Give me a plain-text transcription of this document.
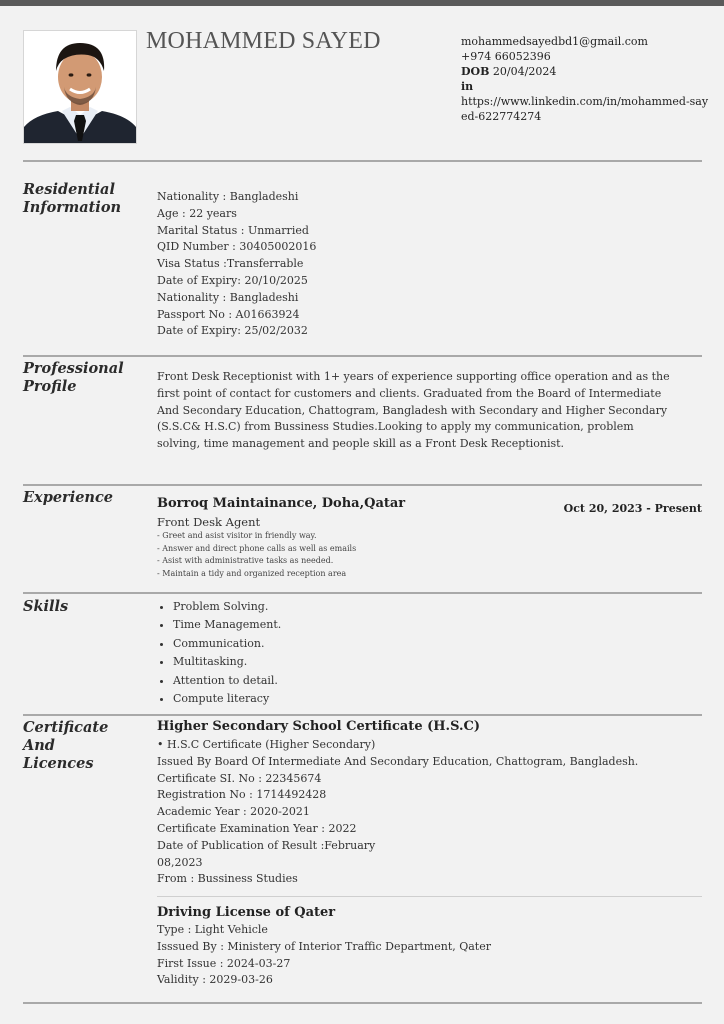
MOHAMMED SAYED	mohammedsayedbd1@gmail.com
+974 66052396
DOB 20/04/2024
in
https://www.linkedin.com/in/mohammed-sayed-622774274
Residential Information
Nationality : Bangladeshi
Age : 22 years
Marital Status : Unmarried
QID Number : 30405002016
Visa Status :Transferrable
Date of Expiry: 20/10/2025
Nationality : Bangladeshi
Passport No : A01663924
Date of Expiry: 25/02/2032
Professional Profile
Front Desk Receptionist with 1+ years of experience supporting office operation and as the first point of contact for customers and clients. Graduated from the Board of Intermediate And Secondary Education, Chattogram, Bangladesh with Secondary and Higher Secondary (S.S.C& H.S.C) from Bussiness Studies.Looking to apply my communication, problem solving, time management and people skill as a Front Desk Receptionist.
Experience	Borroq Maintainance, Doha,Qatar	Oct 20, 2023 - Present
Front Desk Agent
- Greet and asist visitor in friendly way.
- Answer and direct phone calls as well as emails
- Asist with administrative tasks as needed.
- Maintain a tidy and organized reception area
Skills
•	Problem Solving.
• Time Management.
• Communication.
• Multitasking.
• Attention to detail.
• Compute literacy
Certificate
And
Licences
Higher Secondary School Certificate (H.S.C)
• H.S.C Certificate (Higher Secondary)
Issued By Board Of Intermediate And Secondary Education, Chattogram, Bangladesh.
Certificate SI. No : 22345674
Registration No : 1714492428
Academic Year : 2020-2021
Certificate Examination Year : 2022
Date of Publication of Result :February
08,2023
From : Bussiness Studies
Driving License of Qater
Type : Light Vehicle
Isssued By : Ministery of Interior Traffic Department, Qater
First Issue : 2024-03-27
Validity : 2029-03-26
